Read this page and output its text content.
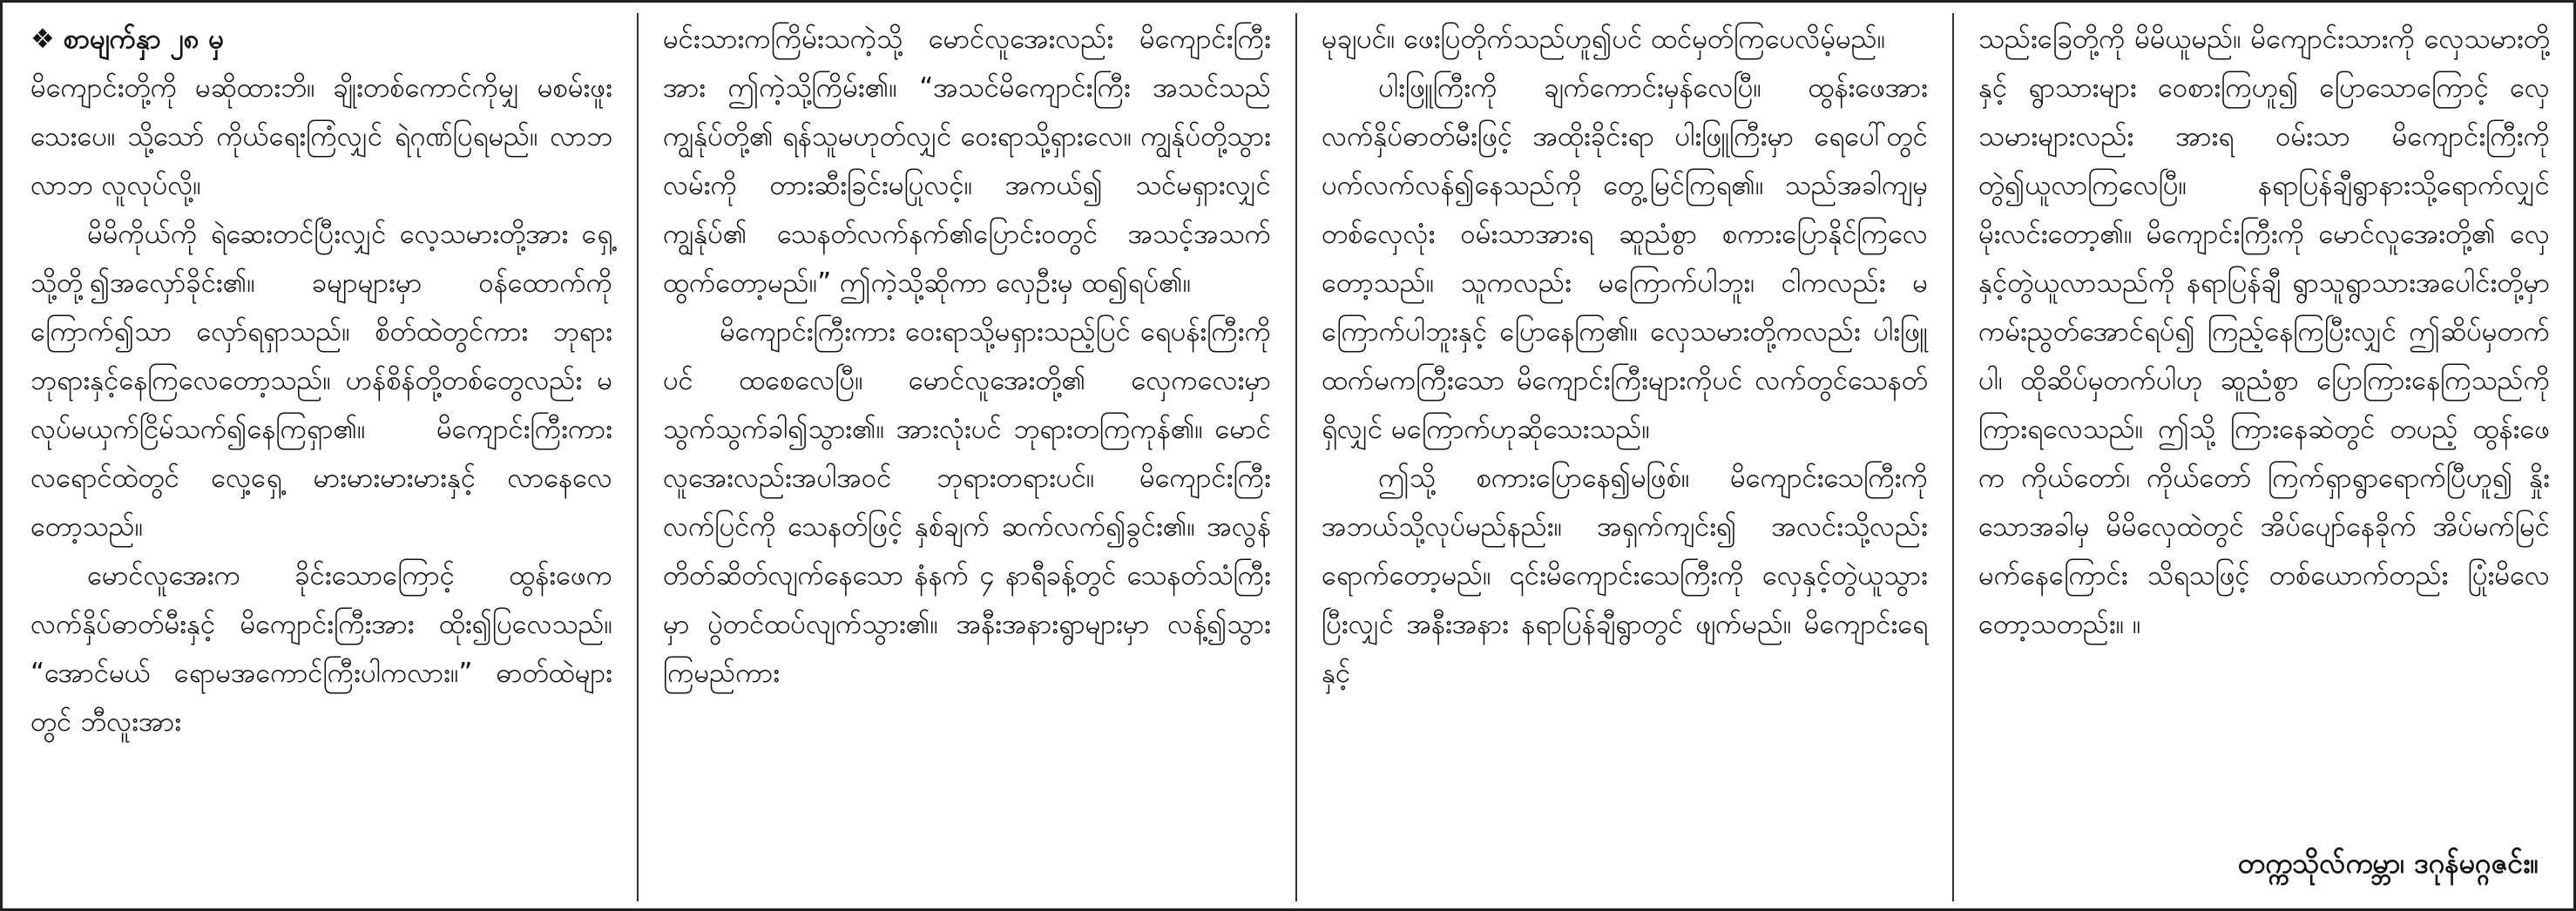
❖ စာမျက်နှာ ၂၈ မှ

မိကျောင်းတို့ကို မဆိုထားဘိ။ ချိုးတစ်ကောင်ကိုမျှ မစမ်းဖူးသေးပေ။ သို့သော် ကိုယ်ရေးကြံလျှင် ရဲဂုဏ်ပြရမည်။ လာဘ လာဘ လူလုပ်လို့။

မိမိကိုယ်ကို ရဲဆေးတင်ပြီးလျှင် လေ့သမားတို့အား ရှေ့သို့တို့၍အလှော်ခိုင်း၏။ ခမျာများမှာ ဝန်ထောက်ကိုကြောက်၍သာ လှော်ရရှာသည်။ စိတ်ထဲတွင်ကား ဘုရားဘုရားနှင့်နေကြလေတော့သည်။ ဟန်စိန်တို့တစ်တွေလည်း မလုပ်မယှက်ငြိမ်သက်၍နေကြရှာ၏။ မိကျောင်းကြီးကား လရောင်ထဲတွင် လှေ့ရှေ့ မားမားမားမားနှင့် လာနေလေတော့သည်။

မောင်လူအေးက ခိုင်းသောကြောင့် ထွန်းဖေက လက်နှိပ်ဓာတ်မီးနှင့် မိကျောင်းကြီးအား ထိုး၍ပြလေသည်။ “အောင်မယ် ရောမအကောင်ကြီးပါကလား။” ဓာတ်ထဲများတွင် ဘီလူးအား

မင်းသားကကြိမ်းသကဲ့သို့ မောင်လူအေးလည်း မိကျောင်းကြီးအား ဤကဲ့သို့ကြိမ်း၏။ “အသင်မိကျောင်းကြီး အသင်သည် ကျွန်ုပ်တို့၏ ရန်သူမဟုတ်လျှင် ဝေးရာသို့ရှားလေ။ ကျွန်ုပ်တို့သွားလမ်းကို တားဆီးခြင်းမပြုလင့်။ အကယ်၍ သင်မရှားလျှင် ကျွန်ုပ်၏ သေနတ်လက်နက်၏ပြောင်းဝတွင် အသင့်အသက် ထွက်တော့မည်။” ဤကဲ့သို့ဆိုကာ လှေဦးမှ ထ၍ရပ်၏။

မိကျောင်းကြီးကား ဝေးရာသို့မရှားသည့်ပြင် ရေပန်းကြီးကိုပင် ထစေလေပြီ။ မောင်လူအေးတို့၏ လှေကလေးမှာ သွက်သွက်ခါ၍သွား၏။ အားလုံးပင် ဘုရားတကြကုန်၏။ မောင်လူအေးလည်းအပါအဝင် ဘုရားတရားပင်။ မိကျောင်းကြီးလက်ပြင်ကို သေနတ်ဖြင့် နှစ်ချက် ဆက်လက်၍ခွင်း၏။ အလွန်တိတ်ဆိတ်လျက်နေသော နံနက် ၄ နာရီခန့်တွင် သေနတ်သံကြီးမှာ ပွဲတင်ထပ်လျက်သွား၏။ အနီးအနားရွာများမှာ လန့်၍သွားကြမည်ကား

မုချပင်။ ဖေးပြတိုက်သည်ဟူ၍ပင် ထင်မှတ်ကြပေလိမ့်မည်။

ပါးဖြူကြီးကို ချက်ကောင်းမှန်လေပြီ။ ထွန်းဖေအား လက်နှိပ်ဓာတ်မီးဖြင့် အထိုးခိုင်းရာ ပါးဖြူကြီးမှာ ရေပေါ်တွင် ပက်လက်လန်၍နေသည်ကို တွေ့မြင်ကြရ၏။ သည်အခါကျမှ တစ်လှေလုံး ဝမ်းသာအားရ ဆူညံစွာ စကားပြောနိုင်ကြလေတော့သည်။ သူကလည်း မကြောက်ပါဘူး၊ ငါကလည်း မကြောက်ပါဘူးနှင့် ပြောနေကြ၏။ လှေသမားတို့ကလည်း ပါးဖြူထက်မကကြီးသော မိကျောင်းကြီးများကိုပင် လက်တွင်သေနတ်ရှိလျှင် မကြောက်ဟုဆိုသေးသည်။

ဤသို့ စကားပြောနေ၍မဖြစ်။ မိကျောင်းသေကြီးကို အဘယ်သို့လုပ်မည်နည်း။ အရှက်ကျင်း၍ အလင်းသို့လည်း ရောက်တော့မည်။ ၎င်းမိကျောင်းသေကြီးကို လှေနှင့်တွဲယူသွားပြီးလျှင် အနီးအနား နရာပြန်ချီရွာတွင် ဖျက်မည်။ မိကျောင်းရေနှင့်

သည်းခြေတို့ကို မိမိယူမည်။ မိကျောင်းသားကို လှေသမားတို့နှင့် ရွာသားများ ဝေစားကြဟူ၍ ပြောသောကြောင့် လှေသမားများလည်း အားရ ဝမ်းသာ မိကျောင်းကြီးကိုတွဲ၍ယူလာကြလေပြီ။ နရာပြန်ချီရွာနားသို့ရောက်လျှင် မိုးလင်းတော့၏။ မိကျောင်းကြီးကို မောင်လူအေးတို့၏ လှေနှင့်တွဲယူလာသည်ကို နရာပြန်ချီ ရွာသူရွာသားအပေါင်းတို့မှာ ကမ်းညွတ်အောင်ရပ်၍ ကြည့်နေကြပြီးလျှင် ဤဆိပ်မှတက်ပါ၊ ထိုဆိပ်မှတက်ပါဟု ဆူညံစွာ ပြောကြားနေကြသည်ကို ကြားရလေသည်။ ဤသို့ ကြားနေဆဲတွင် တပည့် ထွန်းဖေက ကိုယ်တော်၊ ကိုယ်တော် ကြက်ရှာရွာရောက်ပြီဟူ၍ နှိုးသောအခါမှ မိမိလှေထဲတွင် အိပ်ပျော်နေခိုက် အိပ်မက်မြင်မက်နေကြောင်း သိရသဖြင့် တစ်ယောက်တည်း ပြုံးမိလေတော့သတည်း။ ။

တက္ကသိုလ်ကမ္ဘာ၊ ဒဂုန်မဂ္ဂဇင်း။
